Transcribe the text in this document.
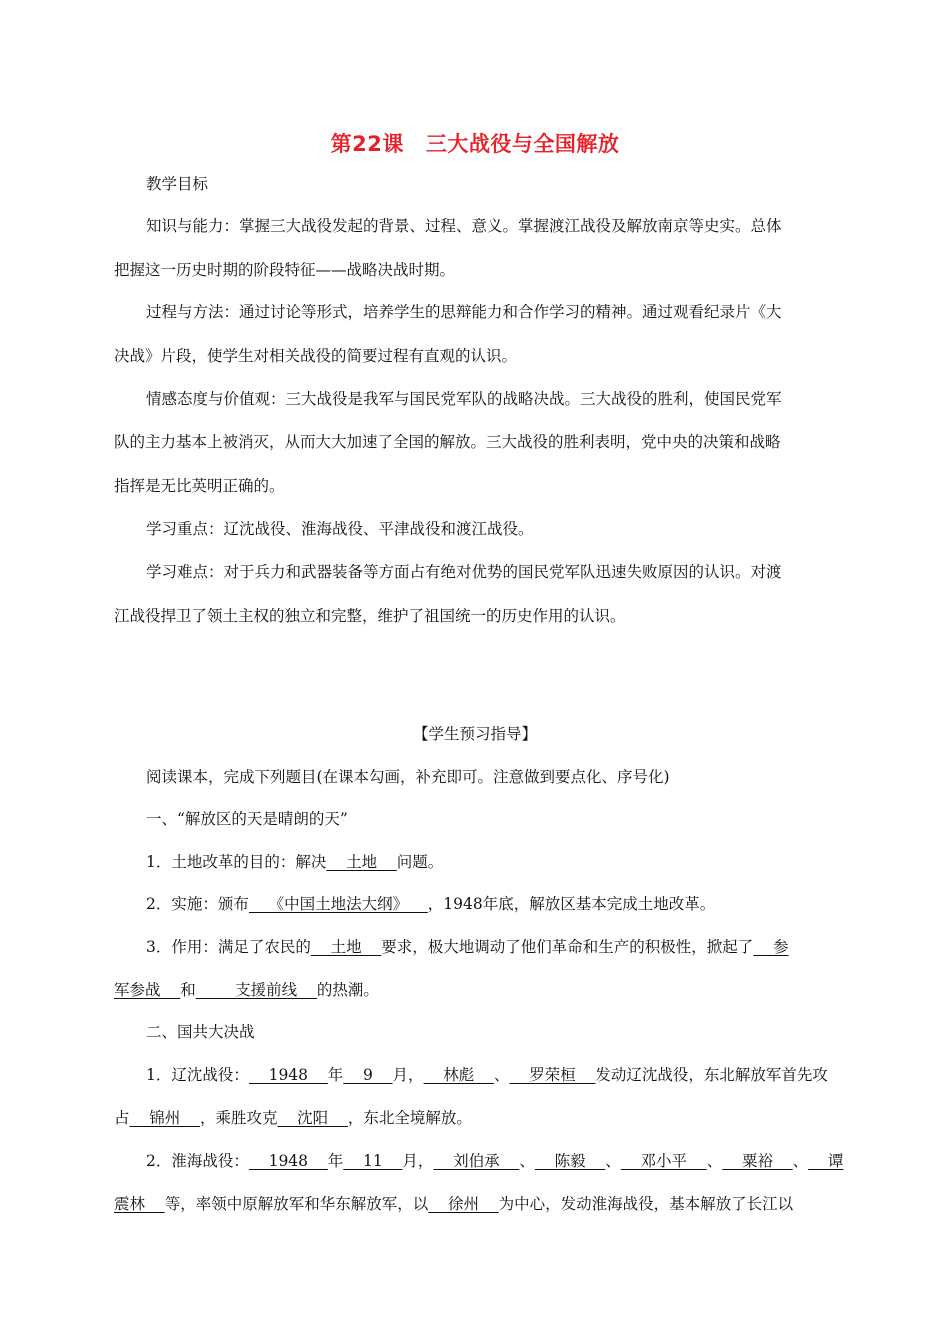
第22课 三大战役与全国解放
教学目标
知识与能力：掌握三大战役发起的背景、过程、意义。掌握渡江战役及解放南京等史实。总体
把握这一历史时期的阶段特征——战略决战时期。
过程与方法：通过讨论等形式，培养学生的思辩能力和合作学习的精神。通过观看纪录片《大
决战》片段，使学生对相关战役的简要过程有直观的认识。
情感态度与价值观：三大战役是我军与国民党军队的战略决战。三大战役的胜利，使国民党军
队的主力基本上被消灭，从而大大加速了全国的解放。三大战役的胜利表明，党中央的决策和战略
指挥是无比英明正确的。
学习重点：辽沈战役、淮海战役、平津战役和渡江战役。
学习难点：对于兵力和武器装备等方面占有绝对优势的国民党军队迅速失败原因的认识。对渡
江战役捍卫了领土主权的独立和完整，维护了祖国统一的历史作用的认识。
【学生预习指导】
阅读课本，完成下列题目(在课本勾画，补充即可。注意做到要点化、序号化)
一、“解放区的天是晴朗的天”
1．土地改革的目的：解决    土地    问题。
2．实施：颁布    《中国土地法大纲》    ，1948年底，解放区基本完成土地改革。
3．作用：满足了农民的    土地    要求，极大地调动了他们革命和生产的积极性，掀起了    参
军参战    和        支援前线    的热潮。
二、国共大决战
1．辽沈战役：    1948    年    9    月，    林彪    、    罗荣桓    发动辽沈战役，东北解放军首先攻
占    锦州    ，乘胜攻克    沈阳    ，东北全境解放。
2．淮海战役：    1948    年    11    月，    刘伯承    、    陈毅    、    邓小平    、    粟裕    、    谭
震林    等，率领中原解放军和华东解放军，以    徐州    为中心，发动淮海战役，基本解放了长江以
